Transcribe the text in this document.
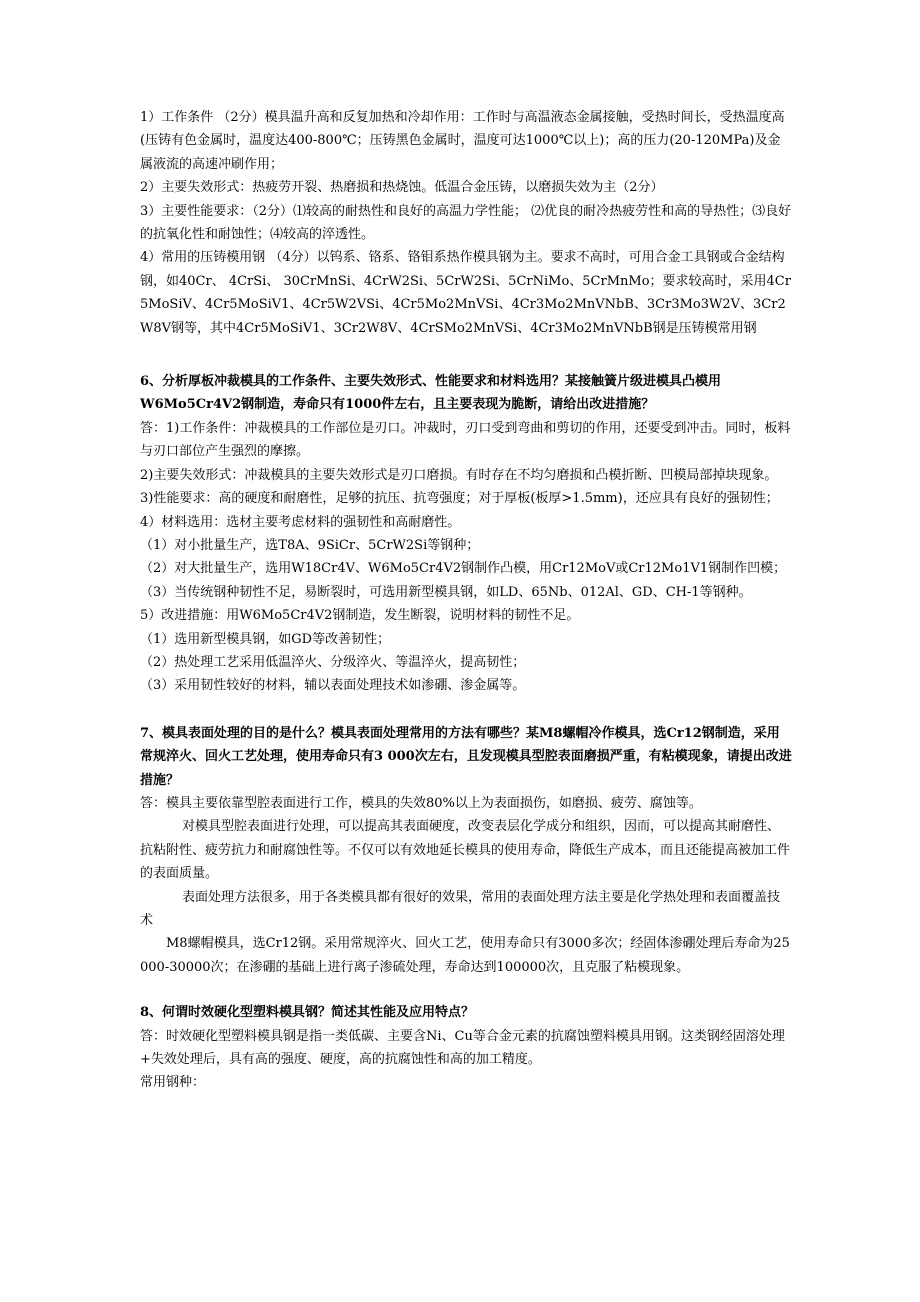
1）工作条件 （2分）模具温升高和反复加热和冷却作用：工作时与高温液态金属接触，受热时间长，受热温度高(压铸有色金属时，温度达400-800℃；压铸黑色金属时，温度可达1000℃以上)；高的压力(20-120MPa)及金属液流的高速冲刷作用；

2）主要失效形式：热疲劳开裂、热磨损和热烧蚀。低温合金压铸，以磨损失效为主（2分）

3）主要性能要求：（2分）⑴较高的耐热性和良好的高温力学性能； ⑵优良的耐冷热疲劳性和高的导热性；⑶良好的抗氧化性和耐蚀性；⑷较高的淬透性。

4）常用的压铸模用钢 （4分）以钨系、铬系、铬钼系热作模具钢为主。要求不高时，可用合金工具钢或合金结构钢，如40Cr、 4CrSi、 30CrMnSi、4CrW2Si、5CrW2Si、5CrNiMo、5CrMnMo；要求较高时，采用4Cr5MoSiV、4Cr5MoSiV1、4Cr5W2VSi、4Cr5Mo2MnVSi、4Cr3Mo2MnVNbB、3Cr3Mo3W2V、3Cr2W8V钢等，其中4Cr5MoSiV1、3Cr2W8V、4CrSMo2MnVSi、4Cr3Mo2MnVNbB钢是压铸模常用钢

6、分析厚板冲裁模具的工作条件、主要失效形式、性能要求和材料选用？某接触簧片级进模具凸模用W6Mo5Cr4V2钢制造，寿命只有1000件左右，且主要表现为脆断，请给出改进措施？

答：1)工作条件：冲裁模具的工作部位是刃口。冲裁时，刃口受到弯曲和剪切的作用，还要受到冲击。同时，板料与刃口部位产生强烈的摩擦。

2)主要失效形式：冲裁模具的主要失效形式是刃口磨损。有时存在不均匀磨损和凸模折断、凹模局部掉块现象。

3)性能要求：高的硬度和耐磨性，足够的抗压、抗弯强度；对于厚板(板厚>1.5mm)，还应具有良好的强韧性；

4）材料选用：选材主要考虑材料的强韧性和高耐磨性。

（1）对小批量生产，选T8A、9SiCr、5CrW2Si等钢种；

（2）对大批量生产，选用W18Cr4V、W6Mo5Cr4V2钢制作凸模，用Cr12MoV或Cr12Mo1V1钢制作凹模；

（3）当传统钢种韧性不足，易断裂时，可选用新型模具钢，如LD、65Nb、012Al、GD、CH-1等钢种。

5）改进措施：用W6Mo5Cr4V2钢制造，发生断裂，说明材料的韧性不足。

（1）选用新型模具钢，如GD等改善韧性；

（2）热处理工艺采用低温淬火、分级淬火、等温淬火，提高韧性；

（3）采用韧性较好的材料，辅以表面处理技术如渗硼、渗金属等。

7、模具表面处理的目的是什么？模具表面处理常用的方法有哪些？某M8螺帽冷作模具，选Cr12钢制造，采用常规淬火、回火工艺处理，使用寿命只有3 000次左右，且发现模具型腔表面磨损严重，有粘模现象，请提出改进措施？

答：模具主要依靠型腔表面进行工作，模具的失效80%以上为表面损伤，如磨损、疲劳、腐蚀等。

对模具型腔表面进行处理，可以提高其表面硬度，改变表层化学成分和组织，因而，可以提高其耐磨性、抗粘附性、疲劳抗力和耐腐蚀性等。不仅可以有效地延长模具的使用寿命，降低生产成本，而且还能提高被加工件的表面质量。

表面处理方法很多，用于各类模具都有很好的效果，常用的表面处理方法主要是化学热处理和表面覆盖技术

M8螺帽模具，选Cr12钢。采用常规淬火、回火工艺，使用寿命只有3000多次；经固体渗硼处理后寿命为25 000-30000次；在渗硼的基础上进行离子渗硫处理，寿命达到100000次，且克服了粘模现象。

8、何谓时效硬化型塑料模具钢？简述其性能及应用特点？

答：时效硬化型塑料模具钢是指一类低碳、主要含Ni、Cu等合金元素的抗腐蚀塑料模具用钢。这类钢经固溶处理+失效处理后，具有高的强度、硬度，高的抗腐蚀性和高的加工精度。

常用钢种：
